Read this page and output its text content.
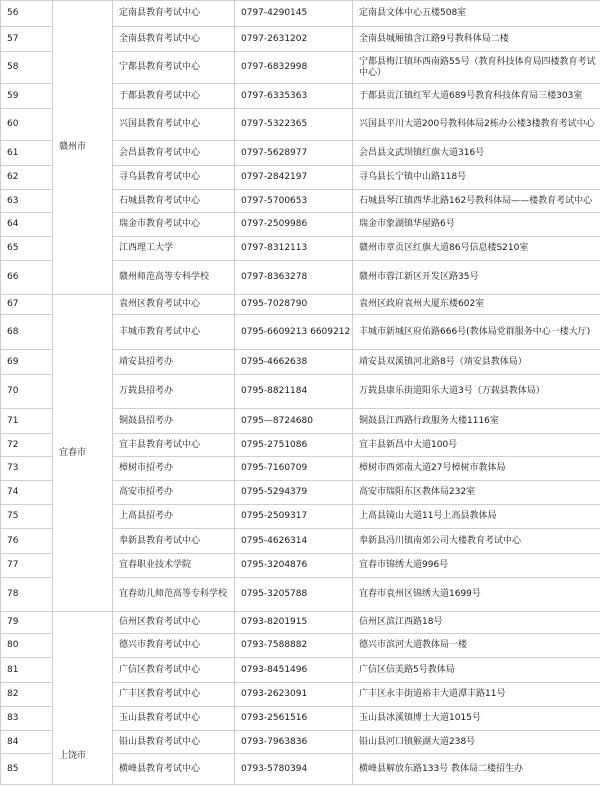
56	赣州市	定南县教育考试中心	0797-4290145	定南县文体中心五楼508室
57		全南县教育考试中心	0797-2631202	全南县城厢镇含江路9号教科体局二楼
58		宁都县教育考试中心	0797-6832998	宁都县梅江镇环西南路55号（教育科技体育局四楼教育考试中心）
59		于都县教育考试中心	0797-6335363	于都县贡江镇红军大道689号教育科技体育局三楼303室
60		兴国县教育考试中心	0797-5322365	兴国县平川大道200号教科体局2栋办公楼3楼教育考试中心
61		会昌县教育考试中心	0797-5628977	会昌县文武坝镇红旗大道316号
62		寻乌县教育考试中心	0797-2842197	寻乌县长宁镇中山路118号
63		石城县教育考试中心	0797-5700653	石城县琴江镇西华北路162号教科体局——楼教育考试中心
64		瑞金市教育考试中心	0797-2509986	瑞金市象湖镇华屋路6号
65		江西理工大学	0797-8312113	赣州市章贡区红旗大道86号信息楼S210室
66		赣州师范高等专科学校	0797-8363278	赣州市蓉江新区开发区路35号
67	宜春市	袁州区教育考试中心	0795-7028790	袁州区政府袁州大厦东楼602室
68		丰城市教育考试中心	0795-6609213 6609212	丰城市新城区府佑路666号(教体局党群服务中心一楼大厅)
69		靖安县招考办	0795-4662638	靖安县双溪镇河北路8号（靖安县教体局）
70		万载县招考办	0795-8821184	万载县康乐街道阳乐大道3号（万载县教体局）
71		铜鼓县招考办	0795—8724680	铜鼓县江西路行政服务大楼1116室
72		宜丰县教育考试中心	0795-2751086	宜丰县新昌中大道100号
73		樟树市招考办	0795-7160709	樟树市西郊南大道27号樟树市教体局
74		高安市招考办	0795-5294379	高安市瑞阳东区教体局232室
75		上高县招考办	0795-2509317	上高县镜山大道11号上高县教体局
76		奉新县教育考试中心	0795-4626314	奉新县冯川镇南郊公司大楼教育考试中心
77		宜春职业技术学院	0795-3204876	宜春市锦绣大道996号
78		宜春幼儿师范高等专科学校	0795-3205788	宜春市袁州区锦绣大道1699号
79	上饶市	信州区教育考试中心	0793-8201915	信州区滨江西路18号
80		德兴市教育考试中心	0793-7588882	德兴市滨河大道教体局一楼
81		广信区教育考试中心	0793-8451496	广信区信美路5号教体局
82		广丰区教育考试中心	0793-2623091	广丰区永丰街道裕丰大道潭丰路11号
83		玉山县教育考试中心	0793-2561516	玉山县冰溪镇博士大道1015号
84		铅山县教育考试中心	0793-7963836	铅山县河口镇猴湖大道238号
85		横峰县教育考试中心	0793-5780394	横峰县解放东路133号 教体局二楼招生办
